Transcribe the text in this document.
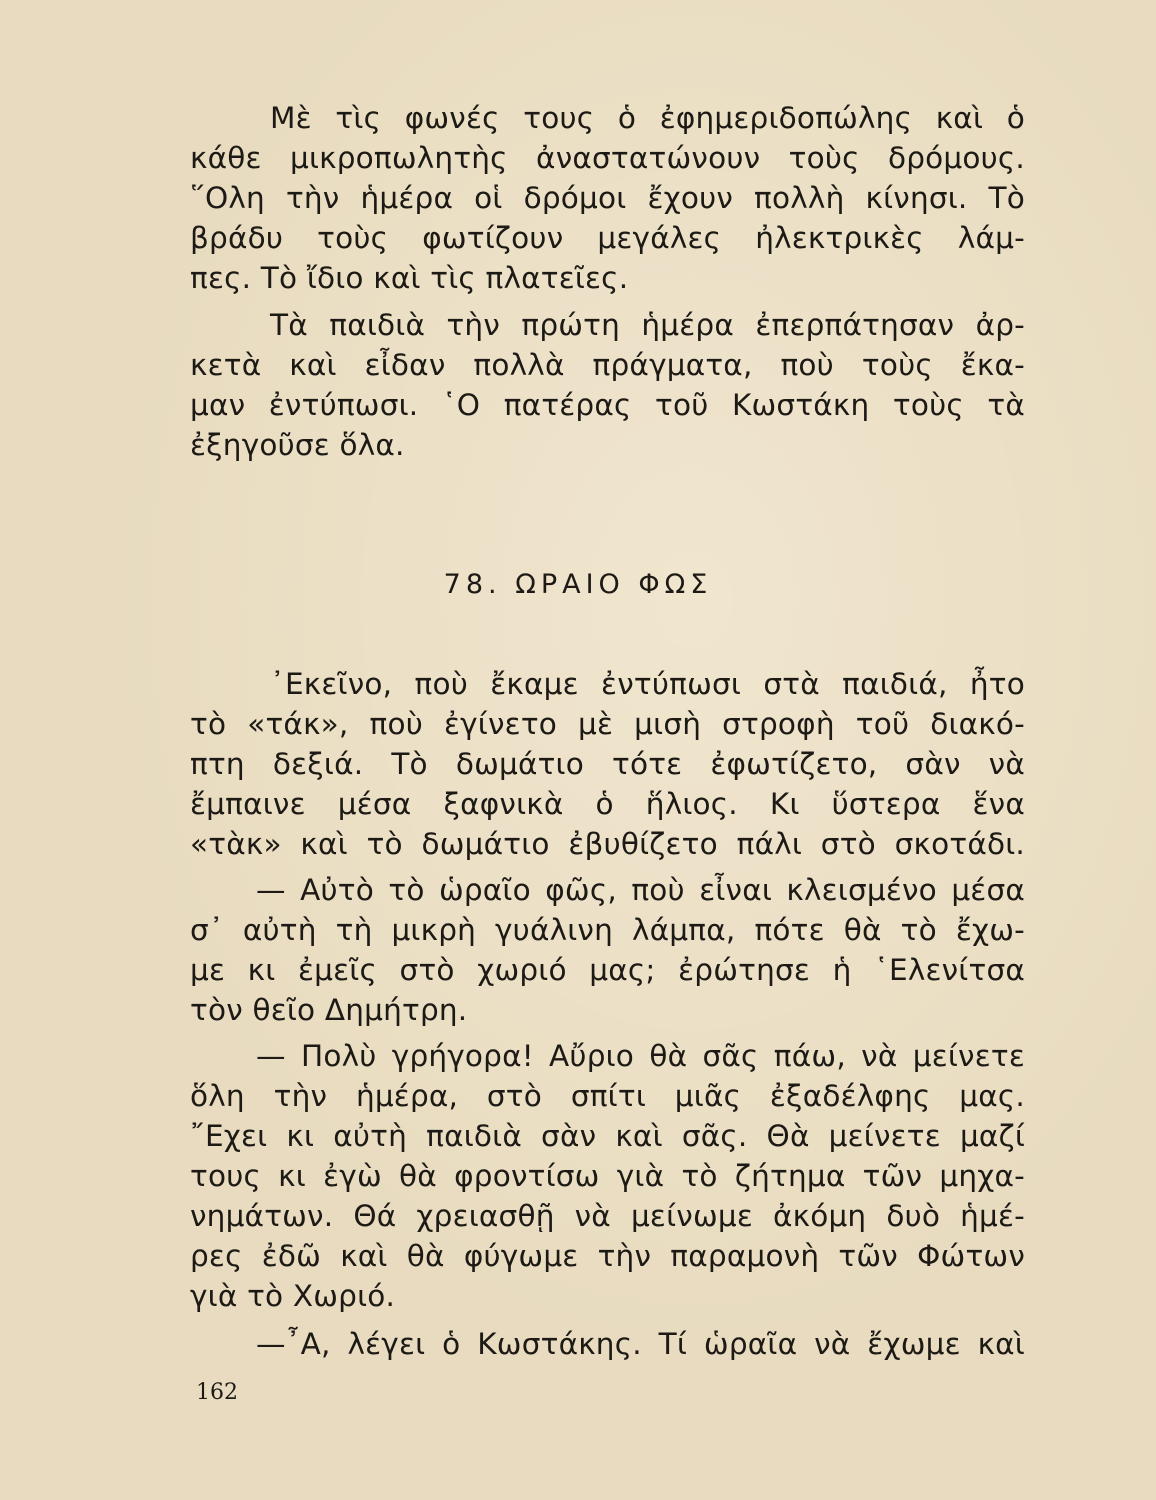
Μὲ τὶς φωνές τους ὁ ἐφημεριδοπώλης καὶ ὁ
κάθε μικροπωλητὴς ἀναστατώνουν τοὺς δρόμους.
῞Ολη τὴν ἡμέρα οἱ δρόμοι ἔχουν πολλὴ κίνησι. Τὸ
βράδυ τοὺς φωτίζουν μεγάλες ἠλεκτρικὲς λάμ-
πες. Τὸ ἴδιο καὶ τὶς πλατεῖες.
Τὰ παιδιὰ τὴν πρώτη ἡμέρα ἐπερπάτησαν ἀρ-
κετὰ καὶ εἶδαν πολλὰ πράγματα, ποὺ τοὺς ἔκα-
μαν ἐντύπωσι. ῾Ο πατέρας τοῦ Κωστάκη τοὺς τὰ
ἐξηγοῦσε ὅλα.
78. ΩΡΑΙΟ ΦΩΣ
᾿Εκεῖνο, ποὺ ἔκαμε ἐντύπωσι στὰ παιδιά, ἦτο
τὸ «τάκ», ποὺ ἐγίνετο μὲ μισὴ στροφὴ τοῦ διακό-
πτη δεξιά. Τὸ δωμάτιο τότε ἐφωτίζετο, σὰν νὰ
ἔμπαινε μέσα ξαφνικὰ ὁ ἥλιος. Κι ὕστερα ἕνα
«τὰκ» καὶ τὸ δωμάτιο ἐβυθίζετο πάλι στὸ σκοτάδι.
— Αὐτὸ τὸ ὡραῖο φῶς, ποὺ εἶναι κλεισμένο μέσα
σ᾿ αὐτὴ τὴ μικρὴ γυάλινη λάμπα, πότε θὰ τὸ ἔχω-
με κι ἐμεῖς στὸ χωριό μας; ἐρώτησε ἡ ῾Ελενίτσα
τὸν θεῖο Δημήτρη.
— Πολὺ γρήγορα! Αὔριο θὰ σᾶς πάω, νὰ μείνετε
ὅλη τὴν ἡμέρα, στὸ σπίτι μιᾶς ἐξαδέλφης μας.
῎Εχει κι αὐτὴ παιδιὰ σὰν καὶ σᾶς. Θὰ μείνετε μαζί
τους κι ἐγὼ θὰ φροντίσω γιὰ τὸ ζήτημα τῶν μηχα-
νημάτων. Θά χρειασθῇ νὰ μείνωμε ἀκόμη δυὸ ἡμέ-
ρες ἐδῶ καὶ θὰ φύγωμε τὴν παραμονὴ τῶν Φώτων
γιὰ τὸ Χωριό.
—῏Α, λέγει ὁ Κωστάκης. Τί ὡραῖα νὰ ἔχωμε καὶ
162
